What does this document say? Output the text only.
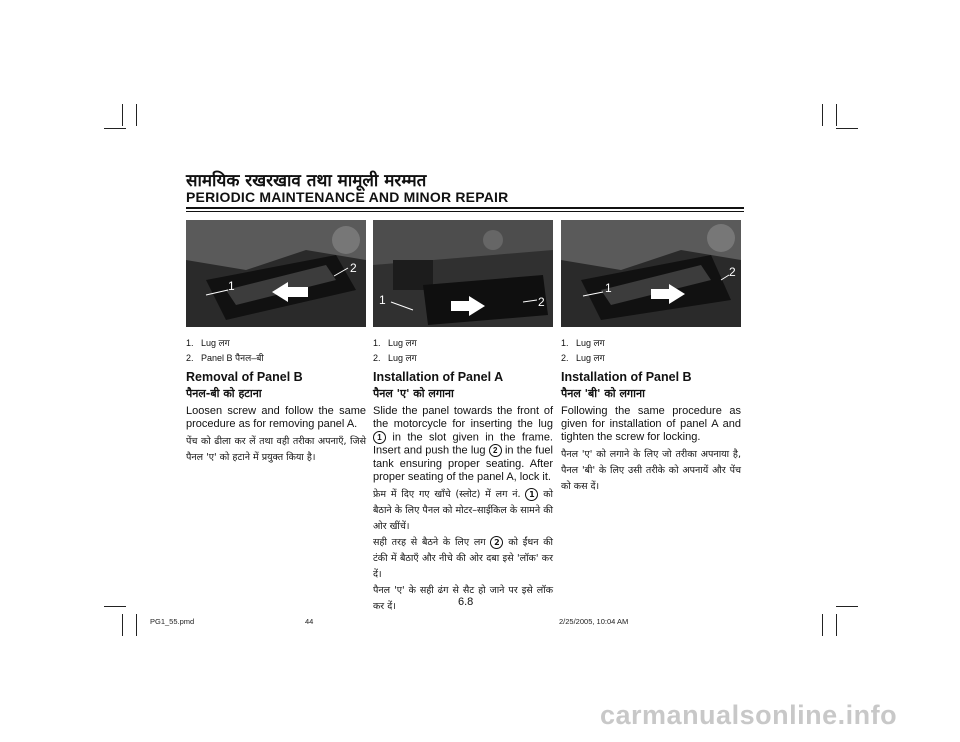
सामयिक रखरखाव तथा मामूली मरम्मत
PERIODIC MAINTENANCE AND MINOR REPAIR
1
2
1	2
1
2

1. Lug लग

2. Panel B पैनल–बी

Removal of Panel B
पैनल-बी को हटाना

Loosen screw and follow the same procedure as for removing panel A.

पेंच को ढीला कर लें तथा वही तरीका अपनाएँ, जिसे पैनल 'ए' को हटाने में प्रयुक्त किया है।

1. Lug लग

2. Lug लग

Installation of Panel A
पैनल 'ए' को लगाना

Slide the panel towards the front of the motorcycle for inserting the lug 1 in the slot given in the frame. Insert and push the lug 2 in the fuel tank ensuring proper seating. After proper seating of the panel A, lock it.

फ्रेम में दिए गए खाँचे (स्लोट) में लग नं. 1 को बैठाने के लिए पैनल को मोटर–साईकिल के सामने की ओर खींचें।
सही तरह से बैठने के लिए लग 2 को ईंधन की टंकी में बैठाएँ और नीचे की ओर दबा इसे 'लॉक' कर दें।
पैनल 'ए' के सही ढंग से सैट हो जाने पर इसे लॉक कर दें।

1. Lug लग

2. Lug लग

Installation of Panel B
पैनल 'बी' को लगाना

Following the same procedure as given for installation of panel A and tighten the screw for locking.

पैनल 'ए' को लगाने के लिए जो तरीका अपनाया है, पैनल 'बी' के लिए उसी तरीके को अपनायें और पेंच को कस दें।

6.8
PG1_55.pmd	44	2/25/2005, 10:04 AM
carmanualsonline.info
